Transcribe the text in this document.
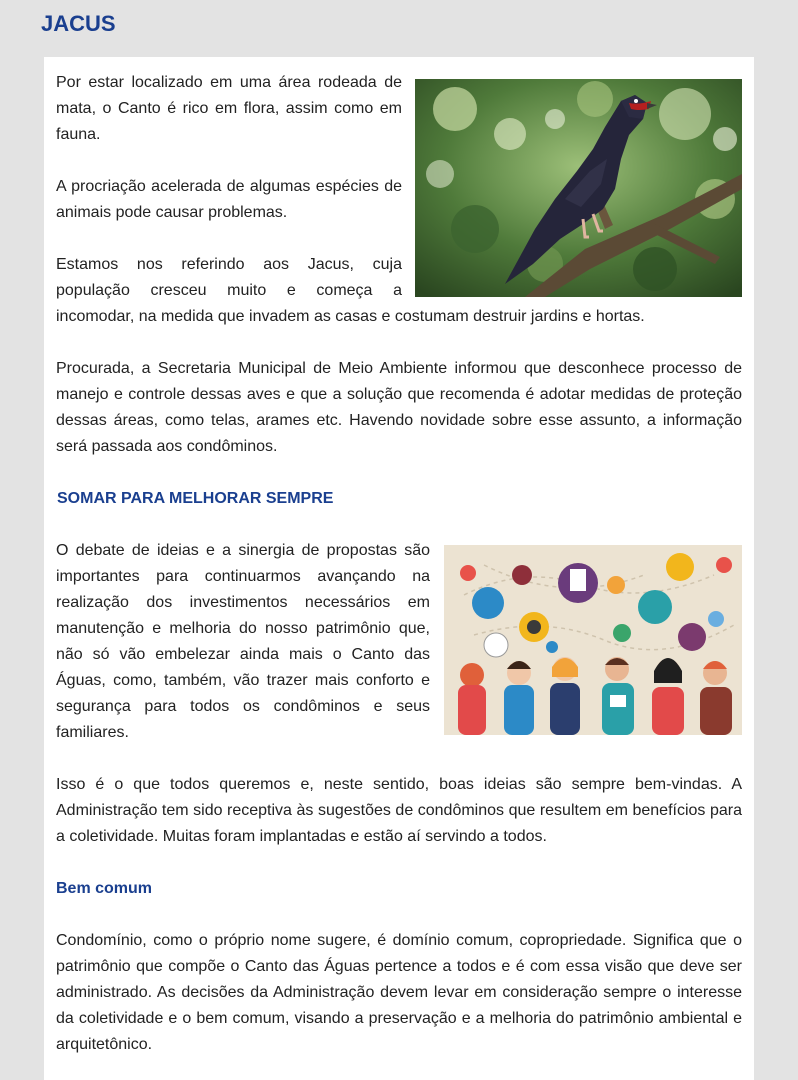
JACUS

Por estar localizado em uma área rodeada de mata, o Canto é rico em flora, assim como em fauna.

A procriação acelerada de algumas espécies de animais pode causar problemas.

Estamos nos referindo aos Jacus, cuja população cresceu muito e começa a incomodar, na medida que invadem as casas e costumam destruir jardins e hortas.

Procurada, a Secretaria Municipal de Meio Ambiente informou que desconhece processo de manejo e controle dessas aves e que a solução que recomenda é adotar medidas de proteção dessas áreas, como telas, arames etc. Havendo novidade sobre esse assunto, a informação será passada aos condôminos.

SOMAR PARA MELHORAR SEMPRE

O debate de ideias e a sinergia de propostas são importantes para continuarmos avançando na realização dos investimentos necessários em manutenção e melhoria do nosso patrimônio que, não só vão embelezar ainda mais o Canto das Águas, como, também, vão trazer mais conforto e segurança para todos os condôminos e seus familiares.

Isso é o que todos queremos e, neste sentido, boas ideias são sempre bem-vindas. A Administração tem sido receptiva às sugestões de condôminos que resultem em benefícios para a coletividade. Muitas foram implantadas e estão aí servindo a todos.

Bem comum

Condomínio, como o próprio nome sugere, é domínio comum, copropriedade. Significa que o patrimônio que compõe o Canto das Águas pertence a todos e é com essa visão que deve ser administrado. As decisões da Administração devem levar em consideração sempre o interesse da coletividade e o bem comum, visando a preservação e a melhoria do patrimônio ambiental e arquitetônico.
